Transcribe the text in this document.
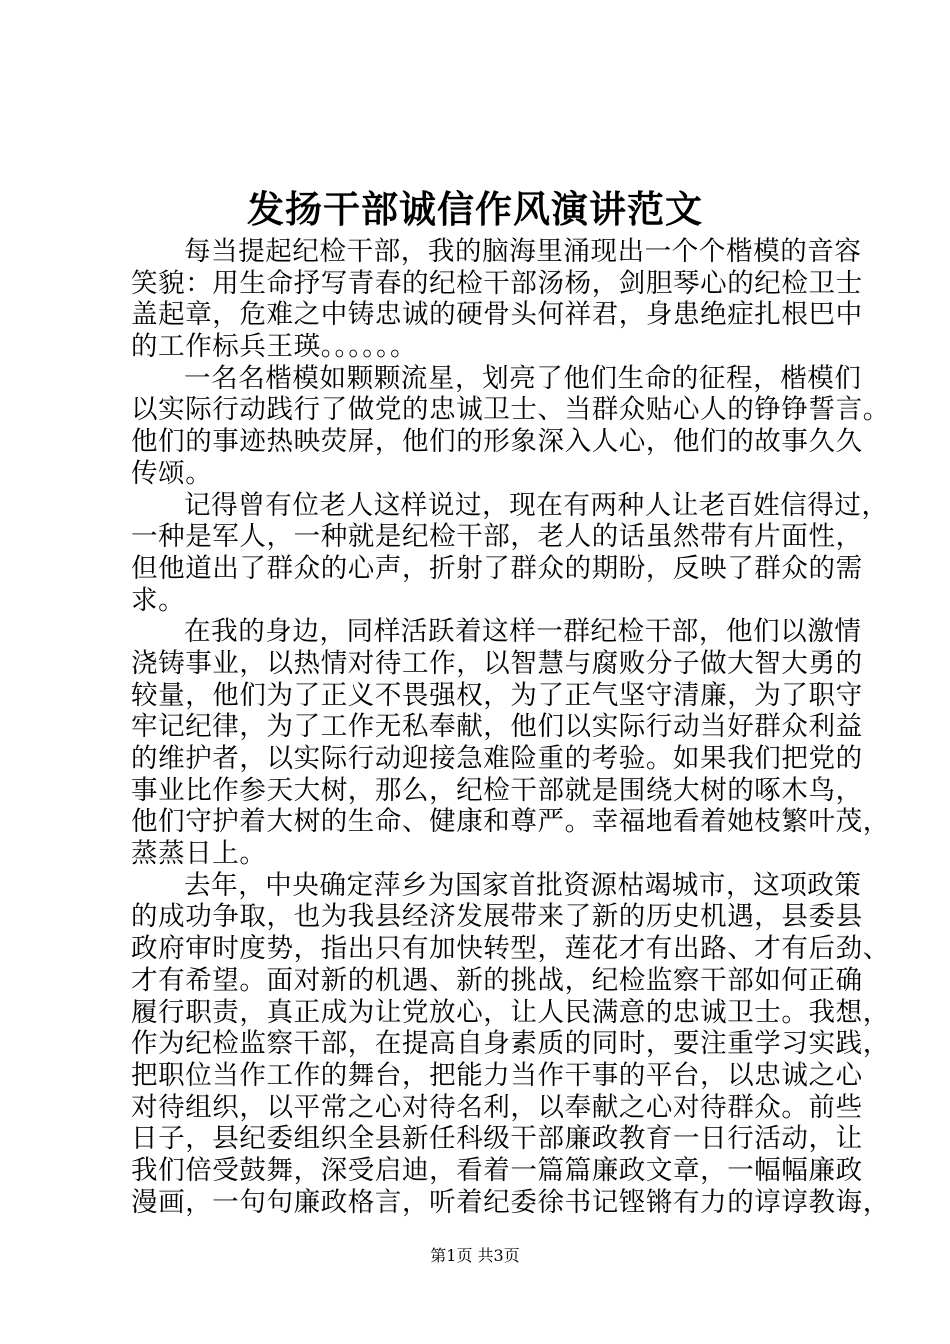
发扬干部诚信作风演讲范文
每当提起纪检干部，我的脑海里涌现出一个个楷模的音容
笑貌：用生命抒写青春的纪检干部汤杨，剑胆琴心的纪检卫士
盖起章，危难之中铸忠诚的硬骨头何祥君，身患绝症扎根巴中
的工作标兵王瑛。。。。。。
一名名楷模如颗颗流星，划亮了他们生命的征程，楷模们
以实际行动践行了做党的忠诚卫士、当群众贴心人的铮铮誓言。
他们的事迹热映荧屏，他们的形象深入人心，他们的故事久久
传颂。
记得曾有位老人这样说过，现在有两种人让老百姓信得过，
一种是军人，一种就是纪检干部，老人的话虽然带有片面性，
但他道出了群众的心声，折射了群众的期盼，反映了群众的需
求。
在我的身边，同样活跃着这样一群纪检干部，他们以激情
浇铸事业，以热情对待工作，以智慧与腐败分子做大智大勇的
较量，他们为了正义不畏强权，为了正气坚守清廉，为了职守
牢记纪律，为了工作无私奉献，他们以实际行动当好群众利益
的维护者，以实际行动迎接急难险重的考验。如果我们把党的
事业比作参天大树，那么，纪检干部就是围绕大树的啄木鸟，
他们守护着大树的生命、健康和尊严。幸福地看着她枝繁叶茂，
蒸蒸日上。
去年，中央确定萍乡为国家首批资源枯竭城市，这项政策
的成功争取，也为我县经济发展带来了新的历史机遇，县委县
政府审时度势，指出只有加快转型，莲花才有出路、才有后劲、
才有希望。面对新的机遇、新的挑战，纪检监察干部如何正确
履行职责，真正成为让党放心，让人民满意的忠诚卫士。我想，
作为纪检监察干部，在提高自身素质的同时，要注重学习实践，
把职位当作工作的舞台，把能力当作干事的平台，以忠诚之心
对待组织，以平常之心对待名利，以奉献之心对待群众。前些
日子，县纪委组织全县新任科级干部廉政教育一日行活动，让
我们倍受鼓舞，深受启迪，看着一篇篇廉政文章，一幅幅廉政
漫画，一句句廉政格言，听着纪委徐书记铿锵有力的谆谆教诲，
第1页 共3页
